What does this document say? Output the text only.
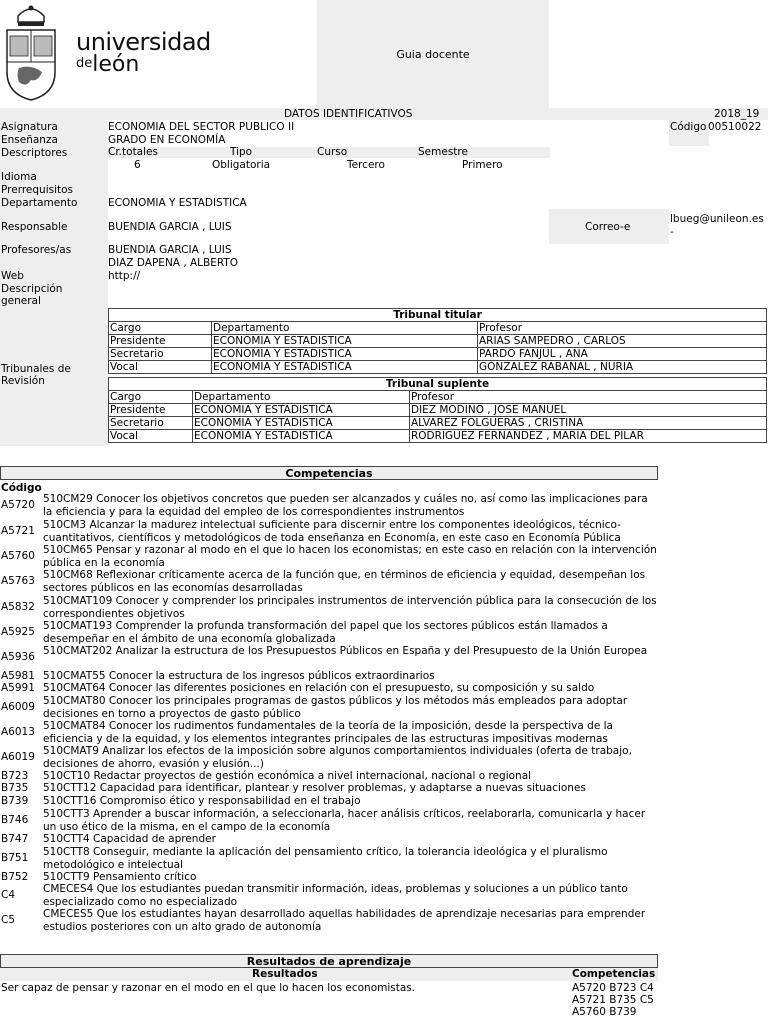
universidad
deleón	Guia docente
DATOS IDENTIFICATIVOS	2018_19
Asignatura	ECONOMIA DEL SECTOR PUBLICO II	Código 00510022
Enseñanza	GRADO EN ECONOMÍA
Descriptores	Cr.totales	Tipo	Curso	Semestre
6	Obligatoria	Tercero	Primero
Idioma
Prerrequisitos
Departamento	ECONOMIA Y ESTADISTICA
Responsable	BUENDIA GARCIA , LUIS	Correo-e
lbueg@unileon.es
-
Profesores/as	BUENDIA GARCIA , LUIS
DIAZ DAPENA , ALBERTO
Web	http://
Descripción
general
Tribunales de
Revisión
Tribunal titular		
Cargo	Departamento	Profesor
Presidente	ECONOMIA Y ESTADISTICA	ARIAS SAMPEDRO , CARLOS
Secretario	ECONOMIA Y ESTADISTICA	PARDO FANJUL , ANA
Vocal	ECONOMIA Y ESTADISTICA	GONZALEZ RABANAL , NURIA
Tribunal suplente		
Cargo	Departamento	Profesor
Presidente	ECONOMIA Y ESTADISTICA	DIEZ MODINO , JOSE MANUEL
Secretario	ECONOMIA Y ESTADISTICA	ALVAREZ FOLGUERAS , CRISTINA
Vocal	ECONOMIA Y ESTADISTICA	RODRIGUEZ FERNANDEZ , MARIA DEL PILAR
Competencias
Código
A5720 510CM29 Conocer los objetivos concretos que pueden ser alcanzados y cuáles no, así como las implicaciones para la eficiencia y para la equidad del empleo de los correspondientes instrumentos
A5721 510CM3 Alcanzar la madurez intelectual suficiente para discernir entre los componentes ideológicos, técnico-cuantitativos, científicos y metodológicos de toda enseñanza en Economía, en este caso en Economía Pública
A5760 510CM65 Pensar y razonar al modo en el que lo hacen los economistas; en este caso en relación con la intervención pública en la economía
A5763 510CM68 Reflexionar críticamente acerca de la función que, en términos de eficiencia y equidad, desempeñan los sectores públicos en las economías desarrolladas
A5832 510CMAT109 Conocer y comprender los principales instrumentos de intervención pública para la consecución de los correspondientes objetivos
A5925 510CMAT193 Comprender la profunda transformación del papel que los sectores públicos están llamados a desempeñar en el ámbito de una economía globalizada
A5936 510CMAT202 Analizar la estructura de los Presupuestos Públicos en España y del Presupuesto de la Unión Europea
A5981 510CMAT55 Conocer la estructura de los ingresos públicos extraordinarios
A5991 510CMAT64 Conocer las diferentes posiciones en relación con el presupuesto, su composición y su saldo
A6009 510CMAT80 Conocer los principales programas de gastos públicos y los métodos más empleados para adoptar decisiones en torno a proyectos de gasto público
A6013 510CMAT84 Conocer los rudimentos fundamentales de la teoría de la imposición, desde la perspectiva de la eficiencia y de la equidad, y los elementos integrantes principales de las estructuras impositivas modernas
A6019 510CMAT9 Analizar los efectos de la imposición sobre algunos comportamientos individuales (oferta de trabajo, decisiones de ahorro, evasión y elusión...)
B723 510CT10 Redactar proyectos de gestión económica a nivel internacional, nacional o regional
B735 510CTT12 Capacidad para identificar, plantear y resolver problemas, y adaptarse a nuevas situaciones
B739 510CTT16 Compromiso ético y responsabilidad en el trabajo
B746 510CTT3 Aprender a buscar información, a seleccionarla, hacer análisis críticos, reelaborarla, comunicarla y hacer un uso ético de la misma, en el campo de la economía
B747 510CTT4 Capacidad de aprender
B751 510CTT8 Conseguir, mediante la aplicación del pensamiento crítico, la tolerancia ideológica y el pluralismo metodológico e intelectual
B752 510CTT9 Pensamiento crítico
C4	CMECES4 Que los estudiantes puedan transmitir información, ideas, problemas y soluciones a un público tanto especializado como no especializado
C5	CMECES5 Que los estudiantes hayan desarrollado aquellas habilidades de aprendizaje necesarias para emprender estudios posteriores con un alto grado de autonomía
Resultados de aprendizaje
Resultados	Competencias
Ser capaz de pensar y razonar en el modo en el que lo hacen los economistas.	A5720 B723 C4
A5721 B735 C5
A5760 B739
